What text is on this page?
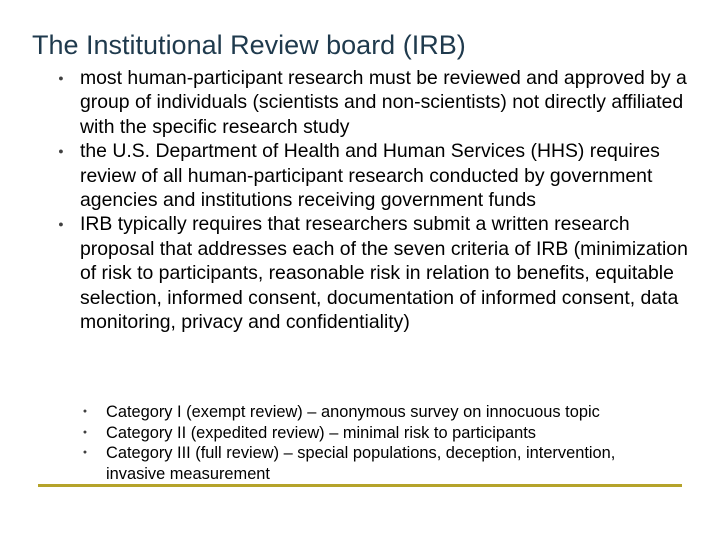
The Institutional Review board (IRB)
● most human-participant research must be reviewed and approved by a group of individuals (scientists and non-scientists) not directly affiliated with the specific research study
● the U.S. Department of Health and Human Services (HHS) requires review of all human-participant research conducted by government agencies and institutions receiving government funds
● IRB typically requires that researchers submit a written research proposal that addresses each of the seven criteria of IRB (minimization of risk to participants, reasonable risk in relation to benefits, equitable selection, informed consent, documentation of informed consent, data monitoring, privacy and confidentiality)
● Category I (exempt review) – anonymous survey on innocuous topic
● Category II (expedited review) – minimal risk to participants
● Category III (full review) – special populations, deception, intervention, invasive measurement
